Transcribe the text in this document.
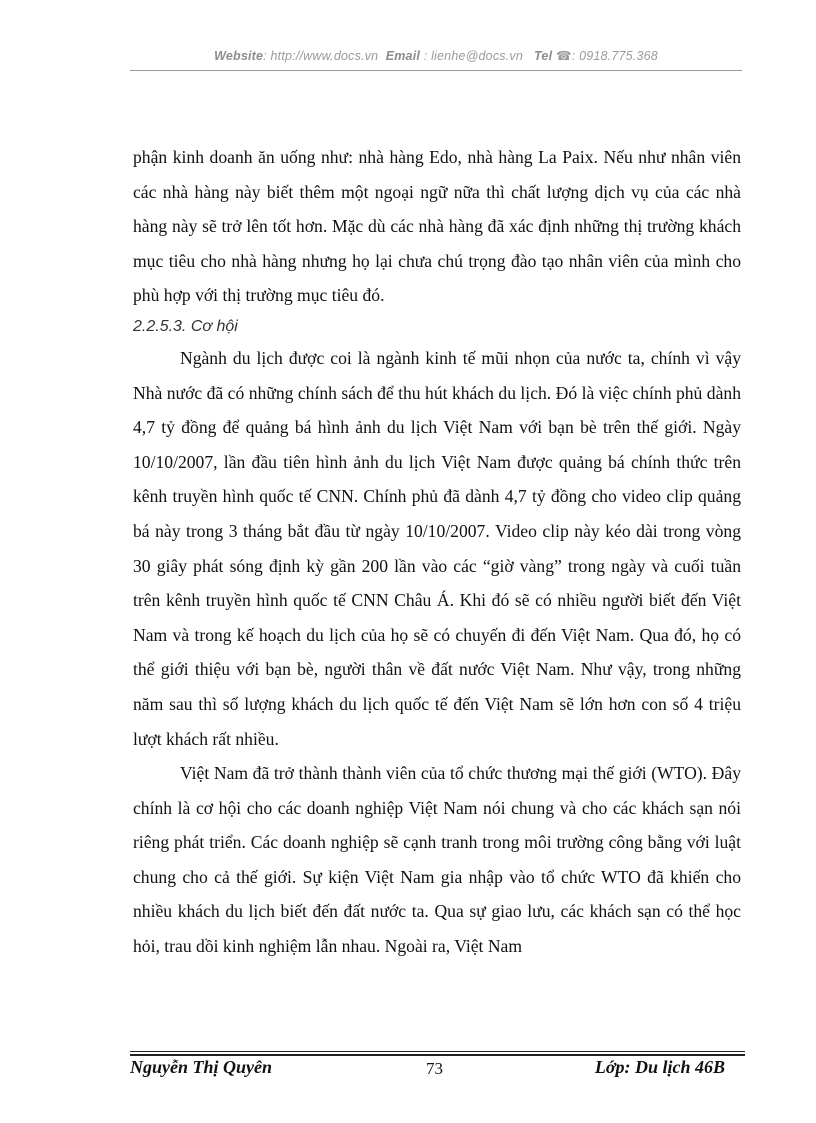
Website: http://www.docs.vn Email : lienhe@docs.vn Tel ☎: 0918.775.368

phận kinh doanh ăn uống như: nhà hàng Edo, nhà hàng La Paix. Nếu như nhân viên các nhà hàng này biết thêm một ngoại ngữ nữa thì chất lượng dịch vụ của các nhà hàng này sẽ trở lên tốt hơn. Mặc dù các nhà hàng đã xác định những thị trường khách mục tiêu cho nhà hàng nhưng họ lại chưa chú trọng đào tạo nhân viên của mình cho phù hợp với thị trường mục tiêu đó.

2.2.5.3. Cơ hội

Ngành du lịch được coi là ngành kinh tế mũi nhọn của nước ta, chính vì vậy Nhà nước đã có những chính sách để thu hút khách du lịch. Đó là việc chính phủ dành 4,7 tỷ đồng để quảng bá hình ảnh du lịch Việt Nam với bạn bè trên thế giới. Ngày 10/10/2007, lần đầu tiên hình ảnh du lịch Việt Nam được quảng bá chính thức trên kênh truyền hình quốc tế CNN. Chính phủ đã dành 4,7 tỷ đồng cho video clip quảng bá này trong 3 tháng bắt đầu từ ngày 10/10/2007. Video clip này kéo dài trong vòng 30 giây phát sóng định kỳ gần 200 lần vào các “giờ vàng” trong ngày và cuối tuần trên kênh truyền hình quốc tế CNN Châu Á. Khi đó sẽ có nhiều người biết đến Việt Nam và trong kế hoạch du lịch của họ sẽ có chuyến đi đến Việt Nam. Qua đó, họ có thể giới thiệu với bạn bè, người thân về đất nước Việt Nam. Như vậy, trong những năm sau thì số lượng khách du lịch quốc tế đến Việt Nam sẽ lớn hơn con số 4 triệu lượt khách rất nhiều.

Việt Nam đã trở thành thành viên của tổ chức thương mại thế giới (WTO). Đây chính là cơ hội cho các doanh nghiệp Việt Nam nói chung và cho các khách sạn nói riêng phát triển. Các doanh nghiệp sẽ cạnh tranh trong môi trường công bằng với luật chung cho cả thế giới. Sự kiện Việt Nam gia nhập vào tổ chức WTO đã khiến cho nhiều khách du lịch biết đến đất nước ta. Qua sự giao lưu, các khách sạn có thể học hỏi, trau dồi kinh nghiệm lẫn nhau. Ngoài ra, Việt Nam

Nguyễn Thị Quyên	73	Lớp: Du lịch 46B
